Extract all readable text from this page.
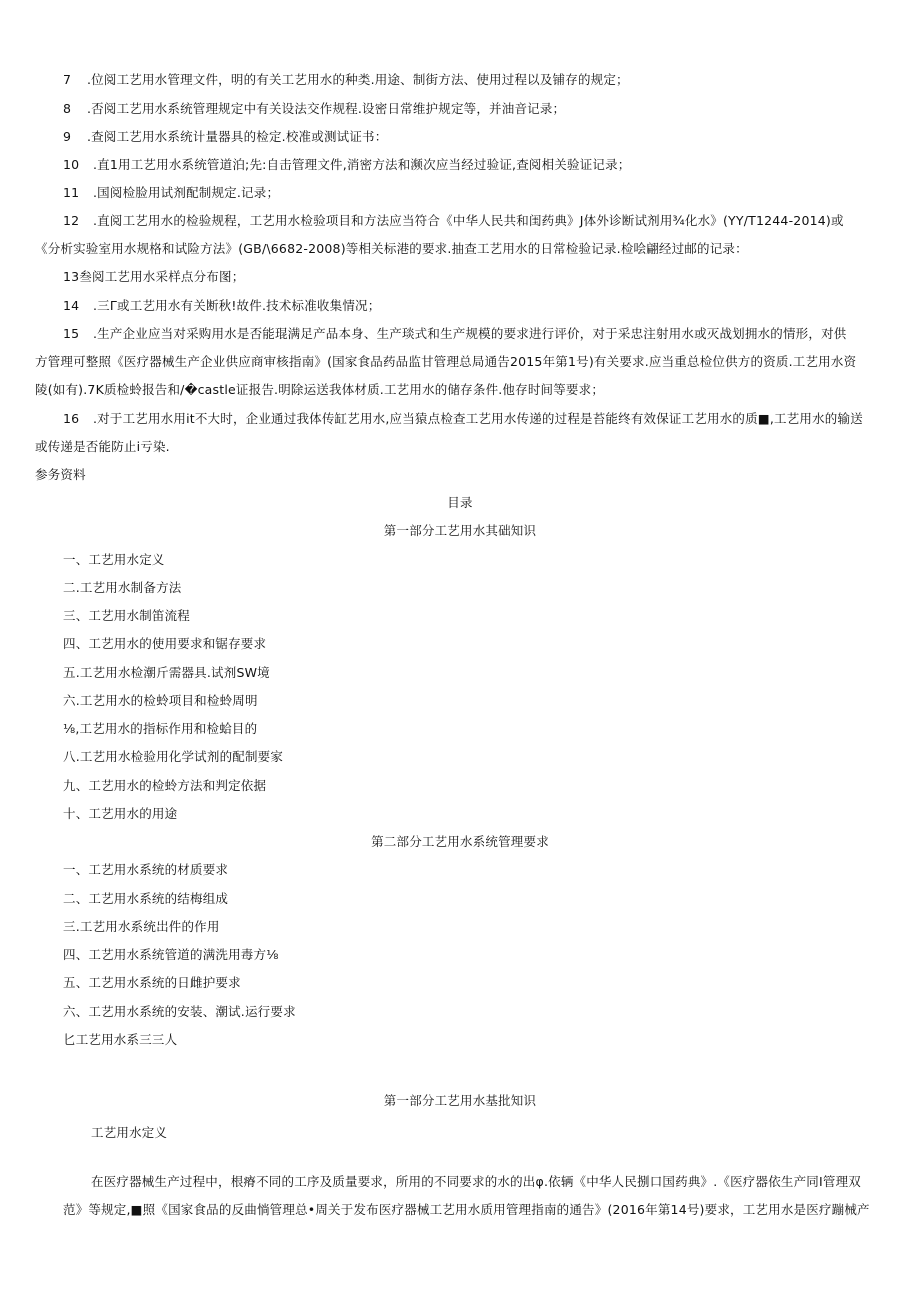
7 .位阅工艺用水管理文件，明的有关工艺用水的种类.用途、制街方法、使用过程以及铺存的规定；
8 .否阅工艺用水系统管理规定中有关设法交作规程.设密日常维护规定等，并油音记录；
9 .查阅工艺用水系统计量器具的检定.校准或测试证书：
10 .直1用工艺用水系统管道泊;先:自击管理文件,消密方法和濒次应当经过验证,查阅相关验证记录；
11 .国阅检脸用试剂配制规定.记录；
12 .直阅工艺用水的检验规程，工艺用水检验项目和方法应当符合《中华人民共和闺药典》J体外诊断试剂用¾化水》(YY/T1244-2014)或
《分析实验室用水规格和试险方法》(GB/\6682-2008)等相关标港的要求.抽查工艺用水的日常检验记录.检哙翩经过邮的记录：
13叁阅工艺用水采样点分布图；
14 .三Γ或工艺用水有关断秋!故件.技术标准收集情况；
15 .生产企业应当对采购用水是否能琨满足产品本身、生产琰式和生产规模的要求进行评价，对于采忠注射用水或灭战划拥水的情形，对供
方管理可整照《医疗器械生产企业供应商审核指南》(国家食品药品监甘管理总局通告2015年第1号)有关要求.应当重总检位供方的资质.工艺用水资
陵(如有).7K质检蛉报告和/�castle证报告.明除运送我体材质.工艺用水的储存条件.他存时间等要求；
16 .对于工艺用水用it不大时，企业通过我体传缸艺用水,应当猿点检查工艺用水传递的过程是苔能终有效保证工艺用水的质■,工艺用水的输送
或传递是否能防止i亏染.
参务资料
目录
第一部分工艺用水其础知识
一、工艺用水定义
二.工艺用水制备方法
三、工艺用水制笛流程
四、工艺用水的使用要求和锯存要求
五.工艺用水检潮斤需器具.试剂SW境
六.工艺用水的检蛉项目和检蛉周明
⅛,工艺用水的指标作用和检蛤目的
八.工艺用水检验用化学试剂的配制要家
九、工艺用水的检蛉方法和判定依据
十、工艺用水的用途
第二部分工艺用水系统管理要求
一、工艺用水系统的材质要求
二、工艺用水系统的结梅组成
三.工艺用水系统岀件的作用
四、工艺用水系统管道的满洗用毒方⅛
五、工艺用水系统的日雌护要求
六、工艺用水系统的安装、潮试.运行要求
匕工艺用水系三三人
第一部分工艺用水基批知识
工艺用水定义
在医疗器械生产过程中，根瘠不同的工序及质量要求，所用的不同要求的水的出φ.依辆《中华人民捌口国药典》.《医疗器依生产同I管理双
范》等规定,■照《国家食品的反曲惝管理总•周关于发布医疗器械工艺用水质用管理指南的通告》(2016年第14号)要求，工艺用水是医疗蹦械产
